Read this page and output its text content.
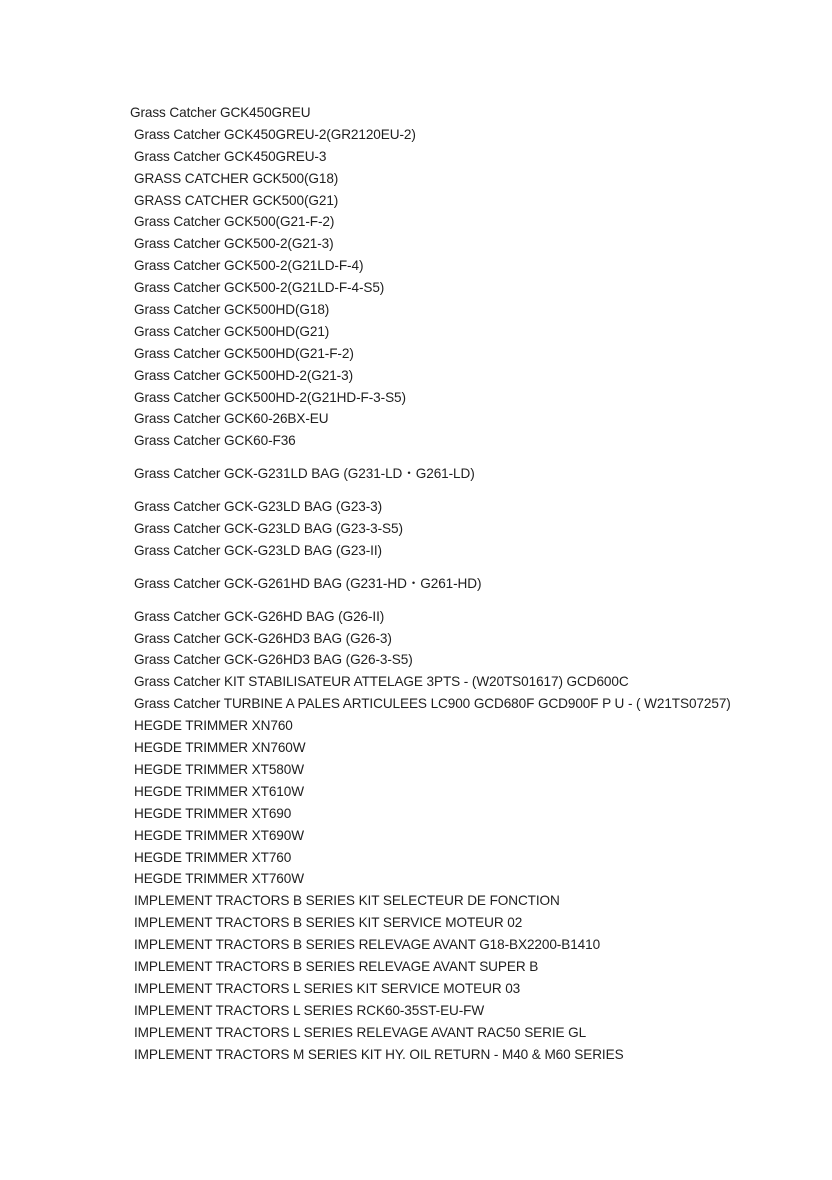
Grass Catcher GCK450GREU
Grass Catcher GCK450GREU-2(GR2120EU-2)
Grass Catcher GCK450GREU-3
GRASS CATCHER GCK500(G18)
GRASS CATCHER GCK500(G21)
Grass Catcher GCK500(G21-F-2)
Grass Catcher GCK500-2(G21-3)
Grass Catcher GCK500-2(G21LD-F-4)
Grass Catcher GCK500-2(G21LD-F-4-S5)
Grass Catcher GCK500HD(G18)
Grass Catcher GCK500HD(G21)
Grass Catcher GCK500HD(G21-F-2)
Grass Catcher GCK500HD-2(G21-3)
Grass Catcher GCK500HD-2(G21HD-F-3-S5)
Grass Catcher GCK60-26BX-EU
Grass Catcher GCK60-F36
Grass Catcher GCK-G231LD BAG (G231-LD・G261-LD)
Grass Catcher GCK-G23LD BAG (G23-3)
Grass Catcher GCK-G23LD BAG (G23-3-S5)
Grass Catcher GCK-G23LD BAG (G23-II)
Grass Catcher GCK-G261HD BAG (G231-HD・G261-HD)
Grass Catcher GCK-G26HD BAG (G26-II)
Grass Catcher GCK-G26HD3 BAG (G26-3)
Grass Catcher GCK-G26HD3 BAG (G26-3-S5)
Grass Catcher KIT STABILISATEUR ATTELAGE 3PTS - (W20TS01617) GCD600C
Grass Catcher TURBINE A PALES ARTICULEES LC900 GCD680F GCD900F P U - ( W21TS07257)
HEGDE TRIMMER XN760
HEGDE TRIMMER XN760W
HEGDE TRIMMER XT580W
HEGDE TRIMMER XT610W
HEGDE TRIMMER XT690
HEGDE TRIMMER XT690W
HEGDE TRIMMER XT760
HEGDE TRIMMER XT760W
IMPLEMENT TRACTORS B SERIES KIT SELECTEUR DE FONCTION
IMPLEMENT TRACTORS B SERIES KIT SERVICE MOTEUR 02
IMPLEMENT TRACTORS B SERIES RELEVAGE AVANT G18-BX2200-B1410
IMPLEMENT TRACTORS B SERIES RELEVAGE AVANT SUPER B
IMPLEMENT TRACTORS L SERIES KIT SERVICE MOTEUR 03
IMPLEMENT TRACTORS L SERIES RCK60-35ST-EU-FW
IMPLEMENT TRACTORS L SERIES RELEVAGE AVANT RAC50 SERIE GL
IMPLEMENT TRACTORS M SERIES KIT HY. OIL RETURN - M40 & M60 SERIES
